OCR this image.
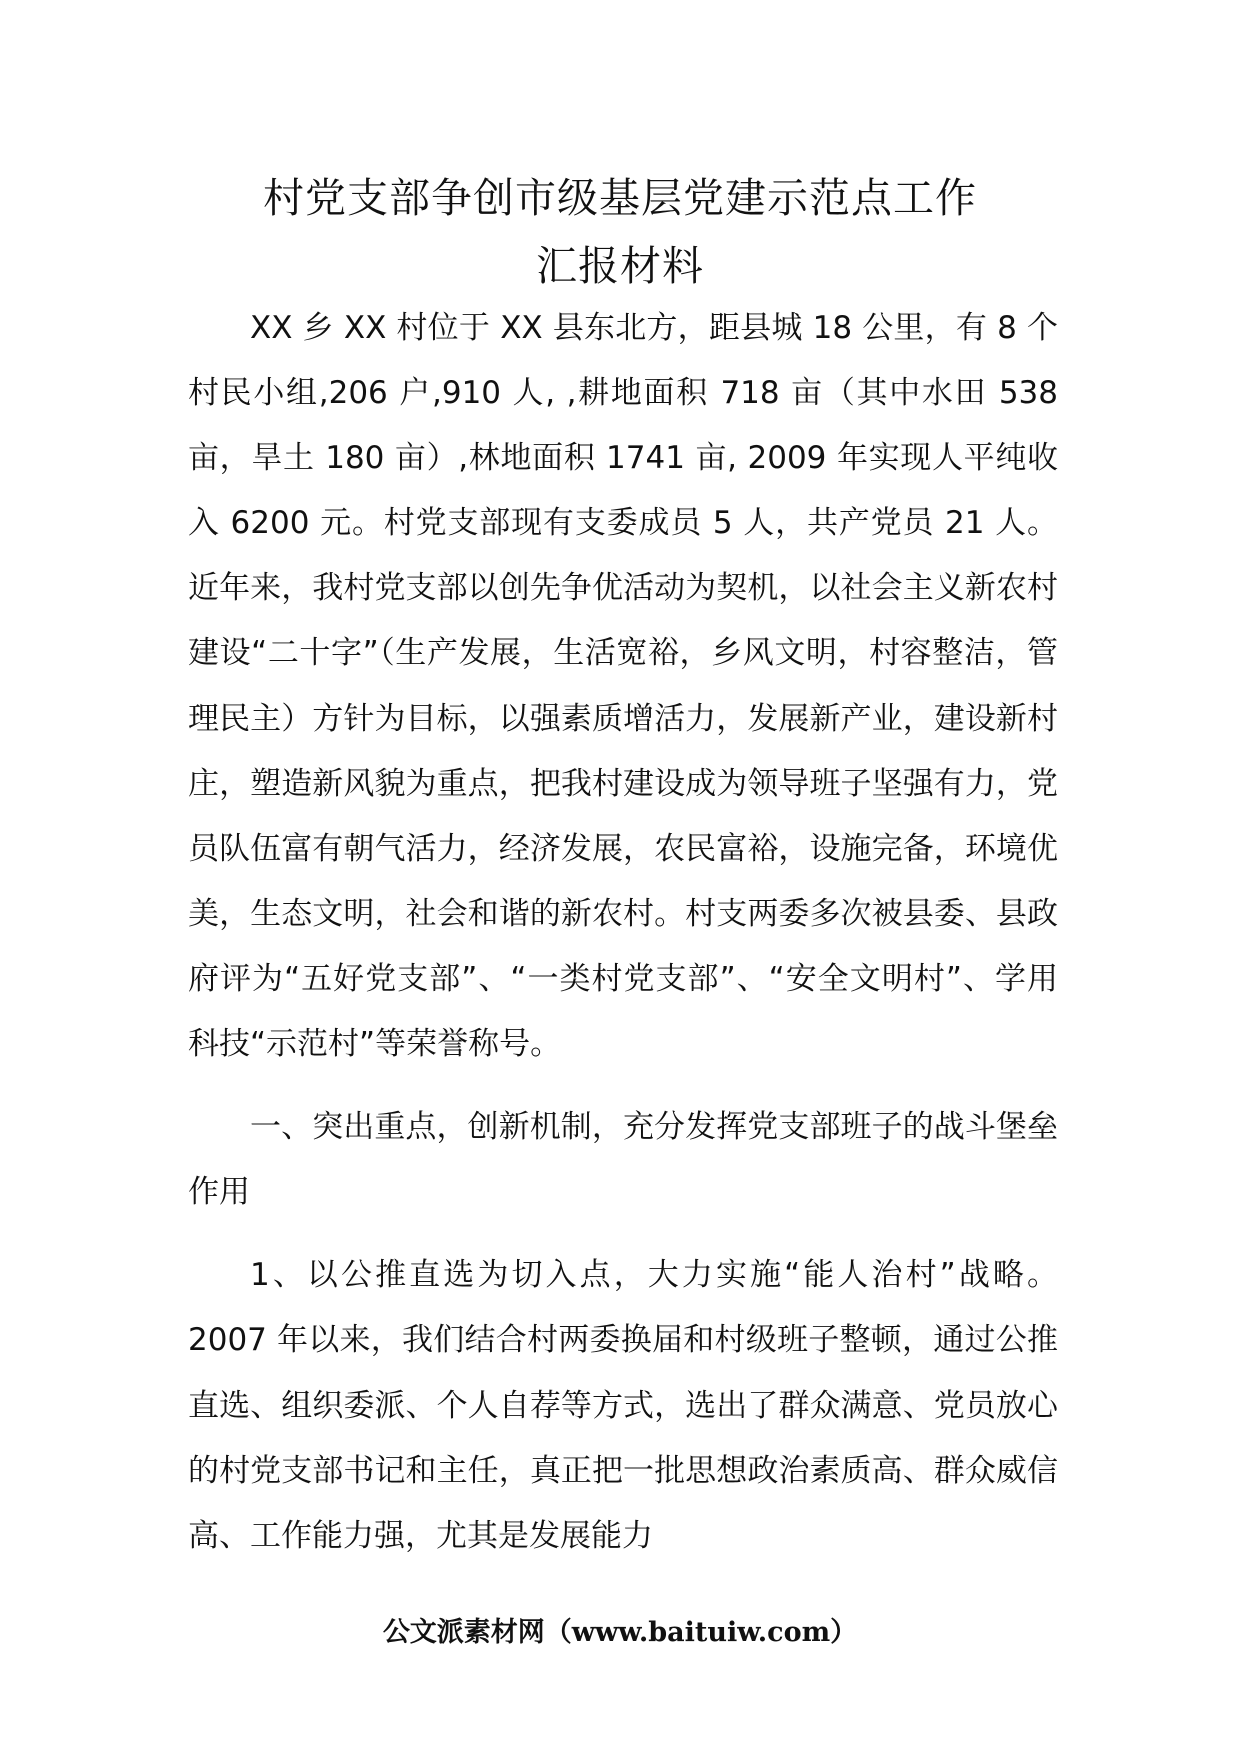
村党支部争创市级基层党建示范点工作
汇报材料

XX 乡 XX 村位于 XX 县东北方，距县城 18 公里，有 8 个村民小组,206 户,910 人, ,耕地面积 718 亩（其中水田 538 亩，旱土 180 亩）,林地面积 1741 亩, 2009 年实现人平纯收入 6200 元。村党支部现有支委成员 5 人，共产党员 21 人。近年来，我村党支部以创先争优活动为契机，以社会主义新农村建设“二十字”（生产发展，生活宽裕，乡风文明，村容整洁，管理民主）方针为目标，以强素质增活力，发展新产业，建设新村庄，塑造新风貌为重点，把我村建设成为领导班子坚强有力，党员队伍富有朝气活力，经济发展，农民富裕，设施完备，环境优美，生态文明，社会和谐的新农村。村支两委多次被县委、县政府评为“五好党支部”、“一类村党支部”、“安全文明村”、学用科技“示范村”等荣誉称号。

一、突出重点，创新机制，充分发挥党支部班子的战斗堡垒作用

1、以公推直选为切入点，大力实施“能人治村”战略。2007 年以来，我们结合村两委换届和村级班子整顿，通过公推直选、组织委派、个人自荐等方式，选出了群众满意、党员放心的村党支部书记和主任，真正把一批思想政治素质高、群众威信高、工作能力强，尤其是发展能力

公文派素材网（www.baituiw.com）
